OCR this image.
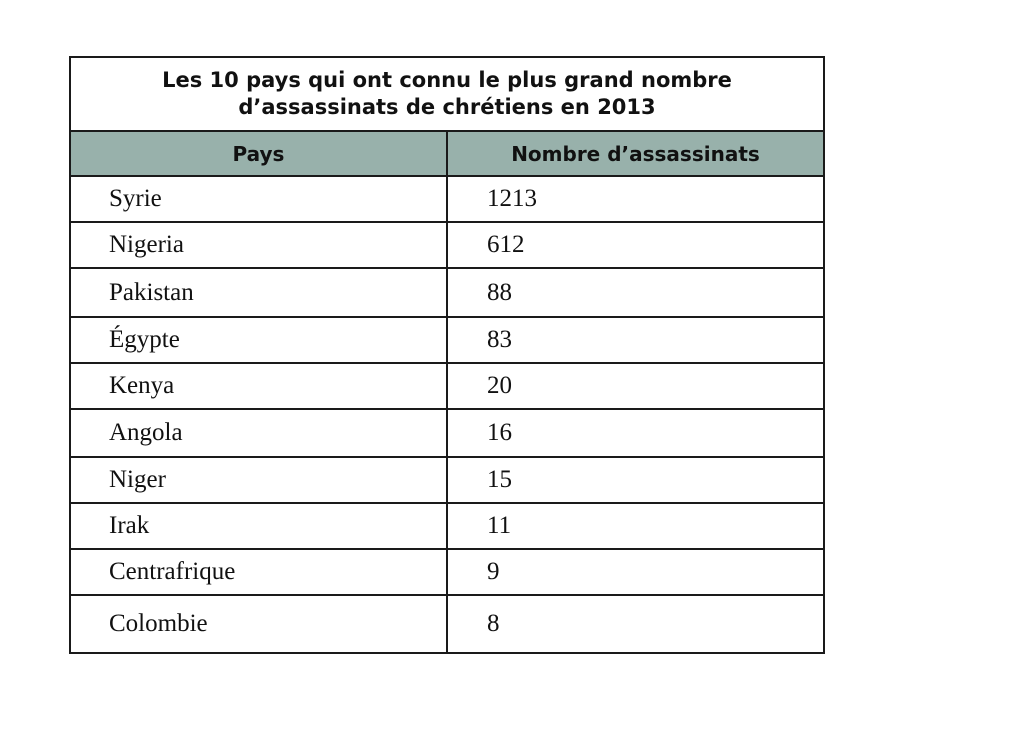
Les 10 pays qui ont connu le plus grand nombre
d’assassinats de chrétiens en 2013
Pays	Nombre d’assassinats
Syrie	1213
Nigeria	612
Pakistan	88
Égypte	83
Kenya	20
Angola	16
Niger	15
Irak	11
Centrafrique	9
Colombie	8
